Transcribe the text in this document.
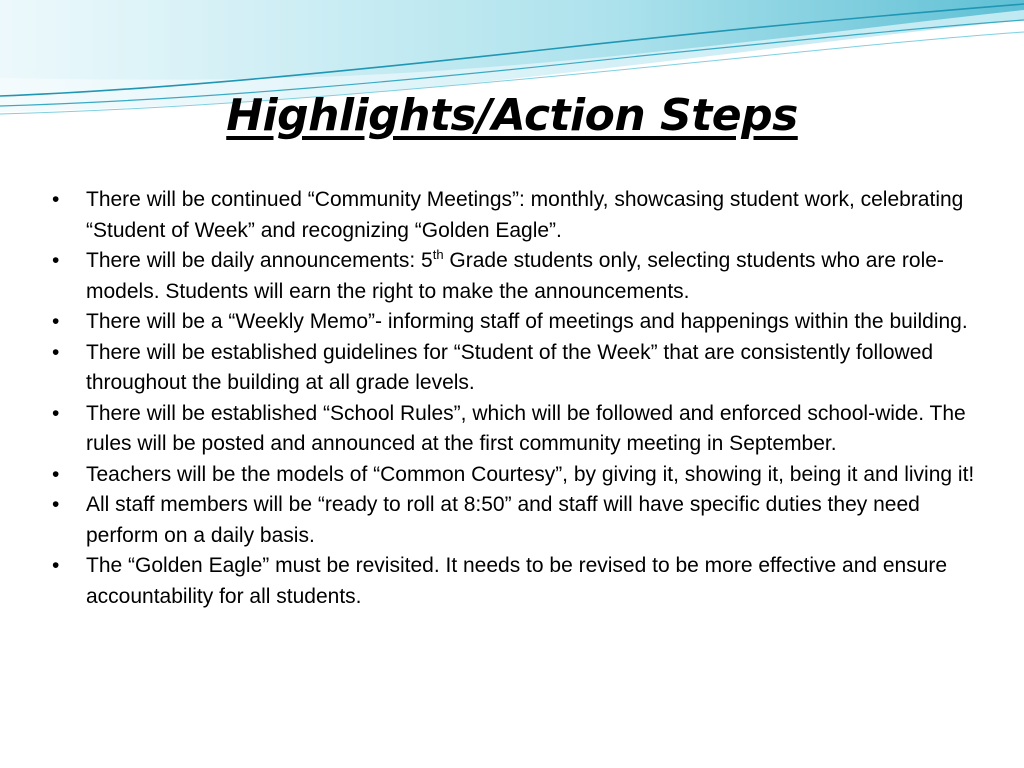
Highlights/Action Steps
• There will be continued “Community Meetings”: monthly, showcasing student work, celebrating “Student of Week” and recognizing “Golden Eagle”.
• There will be daily announcements: 5th Grade students only, selecting students who are role-models. Students will earn the right to make the announcements.
• There will be a “Weekly Memo”- informing staff of meetings and happenings within the building.
• There will be established guidelines for “Student of the Week” that are consistently followed throughout the building at all grade levels.
• There will be established “School Rules”, which will be followed and enforced school-wide. The rules will be posted and announced at the first community meeting in September.
• Teachers will be the models of “Common Courtesy”, by giving it, showing it, being it and living it!
• All staff members will be “ready to roll at 8:50” and staff will have specific duties they need perform on a daily basis.
• The “Golden Eagle” must be revisited. It needs to be revised to be more effective and ensure accountability for all students.
